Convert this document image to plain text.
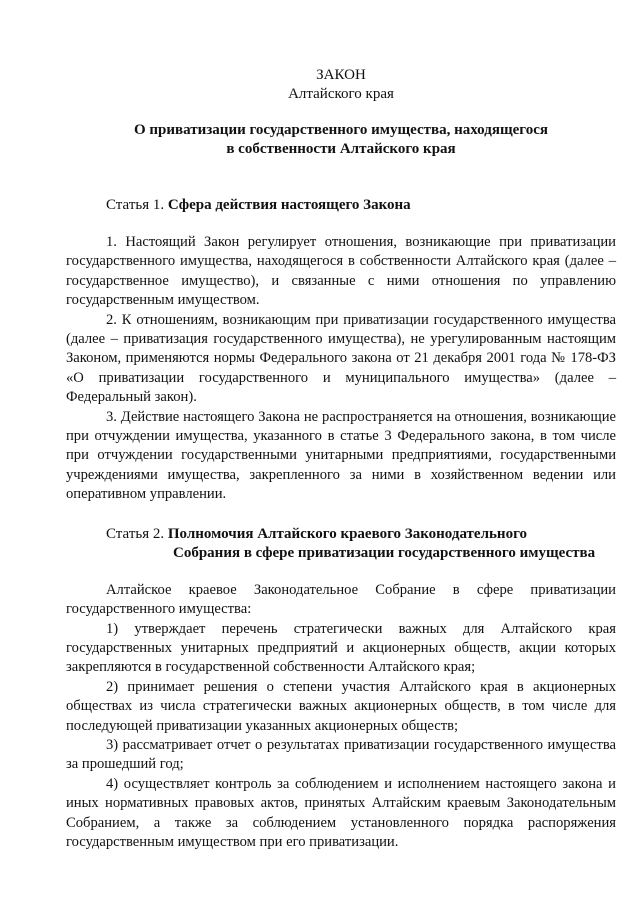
ЗАКОН

Алтайского края

О приватизации государственного имущества, находящегося
в собственности Алтайского края
Статья 1. Сфера действия настоящего Закона

1. Настоящий Закон регулирует отношения, возникающие при приватизации государственного имущества, находящегося в собственности Алтайского края (далее – государственное имущество), и связанные с ними отношения по управлению государственным имуществом.

2. К отношениям, возникающим при приватизации государственного имущества (далее – приватизация государственного имущества), не урегулированным настоящим Законом, применяются нормы Федерального закона от 21 декабря 2001 года № 178-ФЗ «О приватизации государственного и муниципального имущества» (далее – Федеральный закон).

3. Действие настоящего Закона не распространяется на отношения, возникающие при отчуждении имущества, указанного в статье 3 Федерального закона, в том числе при отчуждении государственными унитарными предприятиями, государственными учреждениями имущества, закрепленного за ними в хозяйственном ведении или оперативном управлении.

Статья 2. Полномочия Алтайского краевого Законодательного
Собрания в сфере приватизации государственного имущества

Алтайское краевое Законодательное Собрание в сфере приватизации государственного имущества:

1) утверждает перечень стратегически важных для Алтайского края государственных унитарных предприятий и акционерных обществ, акции которых закрепляются в государственной собственности Алтайского края;

2) принимает решения о степени участия Алтайского края в акционерных обществах из числа стратегически важных акционерных обществ, в том числе для последующей приватизации указанных акционерных обществ;

3) рассматривает отчет о результатах приватизации государственного имущества за прошедший год;

4) осуществляет контроль за соблюдением и исполнением настоящего закона и иных нормативных правовых актов, принятых Алтайским краевым Законодательным Собранием, а также за соблюдением установленного порядка распоряжения государственным имуществом при его приватизации.
